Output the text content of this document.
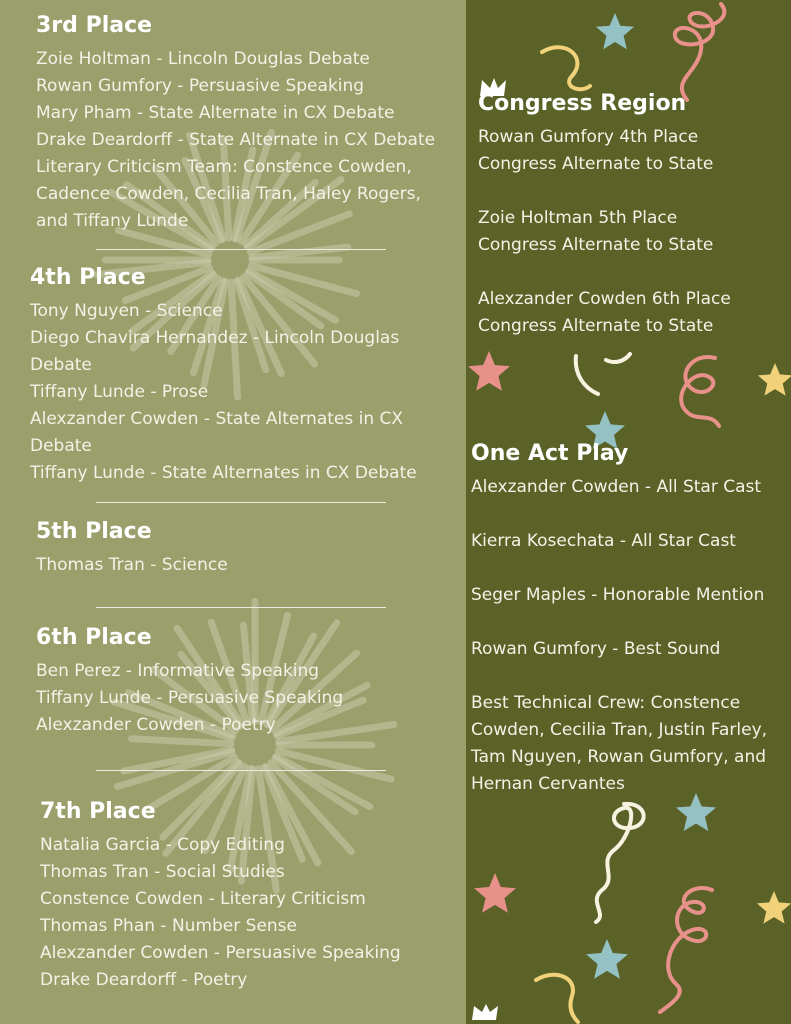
3rd Place

Zoie Holtman - Lincoln Douglas Debate

Rowan Gumfory - Persuasive Speaking

Mary Pham - State Alternate in CX Debate

Drake Deardorff - State Alternate in CX Debate

Literary Criticism Team: Constence Cowden,

Cadence Cowden, Cecilia Tran, Haley Rogers,

and Tiffany Lunde

4th Place

Tony Nguyen - Science

Diego Chavira Hernandez - Lincoln Douglas

Debate

Tiffany Lunde - Prose

Alexzander Cowden - State Alternates in CX

Debate

Tiffany Lunde - State Alternates in CX Debate

5th Place

Thomas Tran - Science

6th Place

Ben Perez - Informative Speaking

Tiffany Lunde - Persuasive Speaking

Alexzander Cowden - Poetry

7th Place

Natalia Garcia - Copy Editing

Thomas Tran - Social Studies

Constence Cowden - Literary Criticism

Thomas Phan - Number Sense

Alexzander Cowden - Persuasive Speaking

Drake Deardorff - Poetry

Congress Region

Rowan Gumfory 4th Place

Congress Alternate to State

Zoie Holtman 5th Place

Congress Alternate to State

Alexzander Cowden 6th Place

Congress Alternate to State

One Act Play

Alexzander Cowden - All Star Cast

Kierra Kosechata - All Star Cast

Seger Maples - Honorable Mention

Rowan Gumfory - Best Sound

Best Technical Crew: Constence

Cowden, Cecilia Tran, Justin Farley,

Tam Nguyen, Rowan Gumfory, and

Hernan Cervantes
